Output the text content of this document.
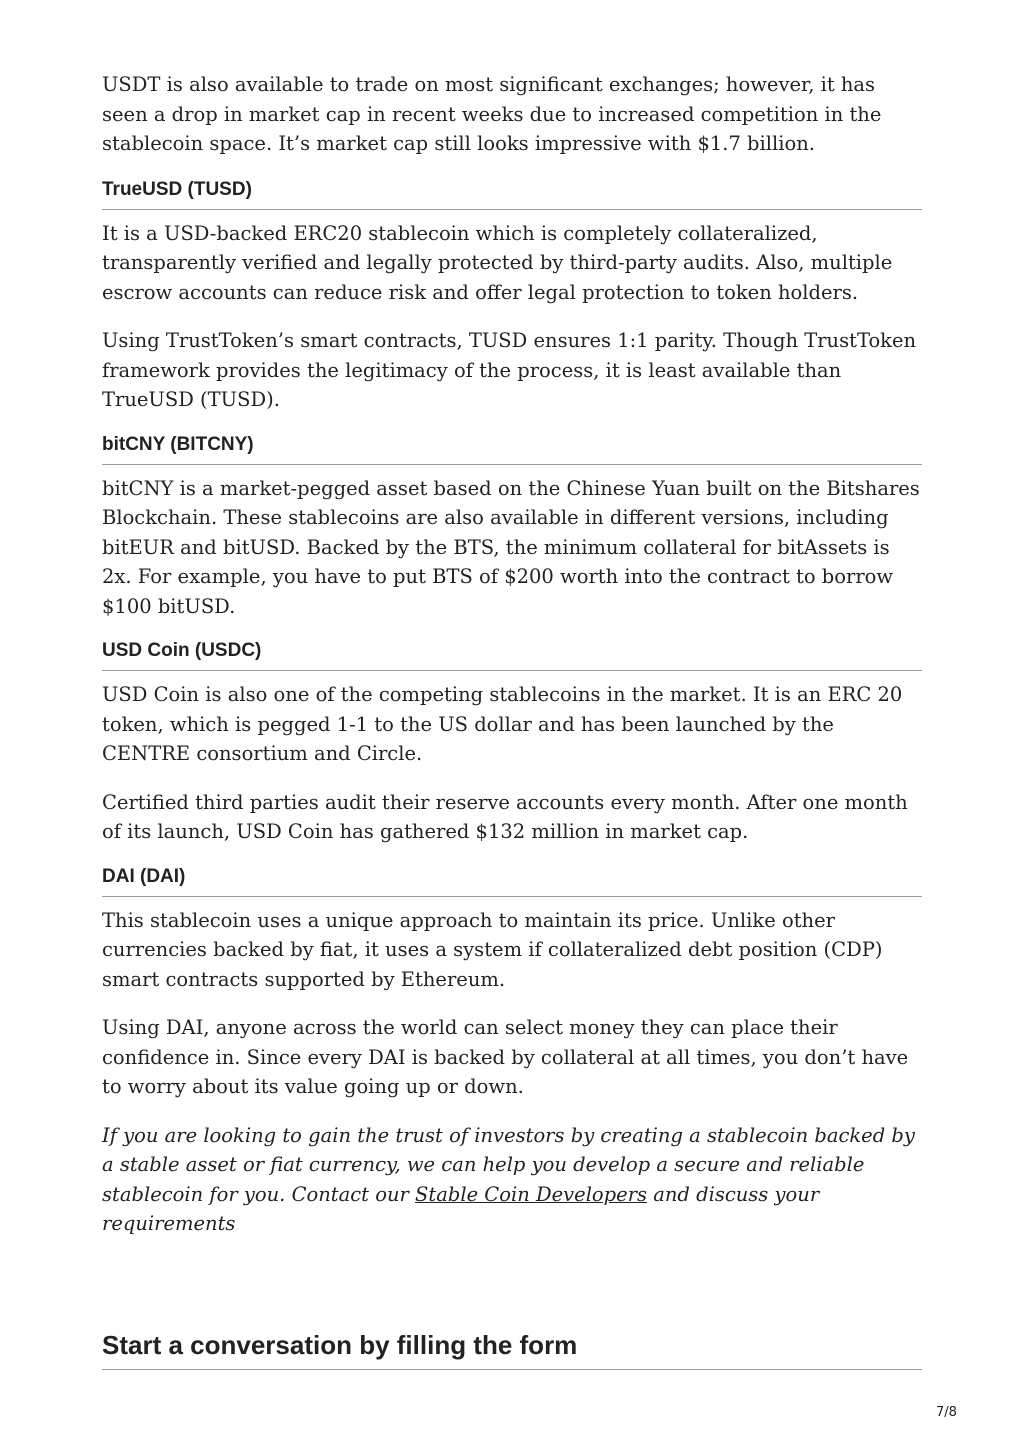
USDT is also available to trade on most significant exchanges; however, it has seen a drop in market cap in recent weeks due to increased competition in the stablecoin space. It’s market cap still looks impressive with $1.7 billion.

TrueUSD (TUSD)

It is a USD-backed ERC20 stablecoin which is completely collateralized, transparently verified and legally protected by third-party audits. Also, multiple escrow accounts can reduce risk and offer legal protection to token holders.

Using TrustToken’s smart contracts, TUSD ensures 1:1 parity. Though TrustToken framework provides the legitimacy of the process, it is least available than TrueUSD (TUSD).

bitCNY (BITCNY)

bitCNY is a market-pegged asset based on the Chinese Yuan built on the Bitshares Blockchain. These stablecoins are also available in different versions, including bitEUR and bitUSD. Backed by the BTS, the minimum collateral for bitAssets is 2x. For example, you have to put BTS of $200 worth into the contract to borrow $100 bitUSD.

USD Coin (USDC)

USD Coin is also one of the competing stablecoins in the market. It is an ERC 20 token, which is pegged 1-1 to the US dollar and has been launched by the CENTRE consortium and Circle.

Certified third parties audit their reserve accounts every month. After one month of its launch, USD Coin has gathered $132 million in market cap.

DAI (DAI)

This stablecoin uses a unique approach to maintain its price. Unlike other currencies backed by fiat, it uses a system if collateralized debt position (CDP) smart contracts supported by Ethereum.

Using DAI, anyone across the world can select money they can place their confidence in. Since every DAI is backed by collateral at all times, you don’t have to worry about its value going up or down.

If you are looking to gain the trust of investors by creating a stablecoin backed by a stable asset or fiat currency, we can help you develop a secure and reliable stablecoin for you. Contact our Stable Coin Developers and discuss your requirements

Start a conversation by filling the form
7/8
